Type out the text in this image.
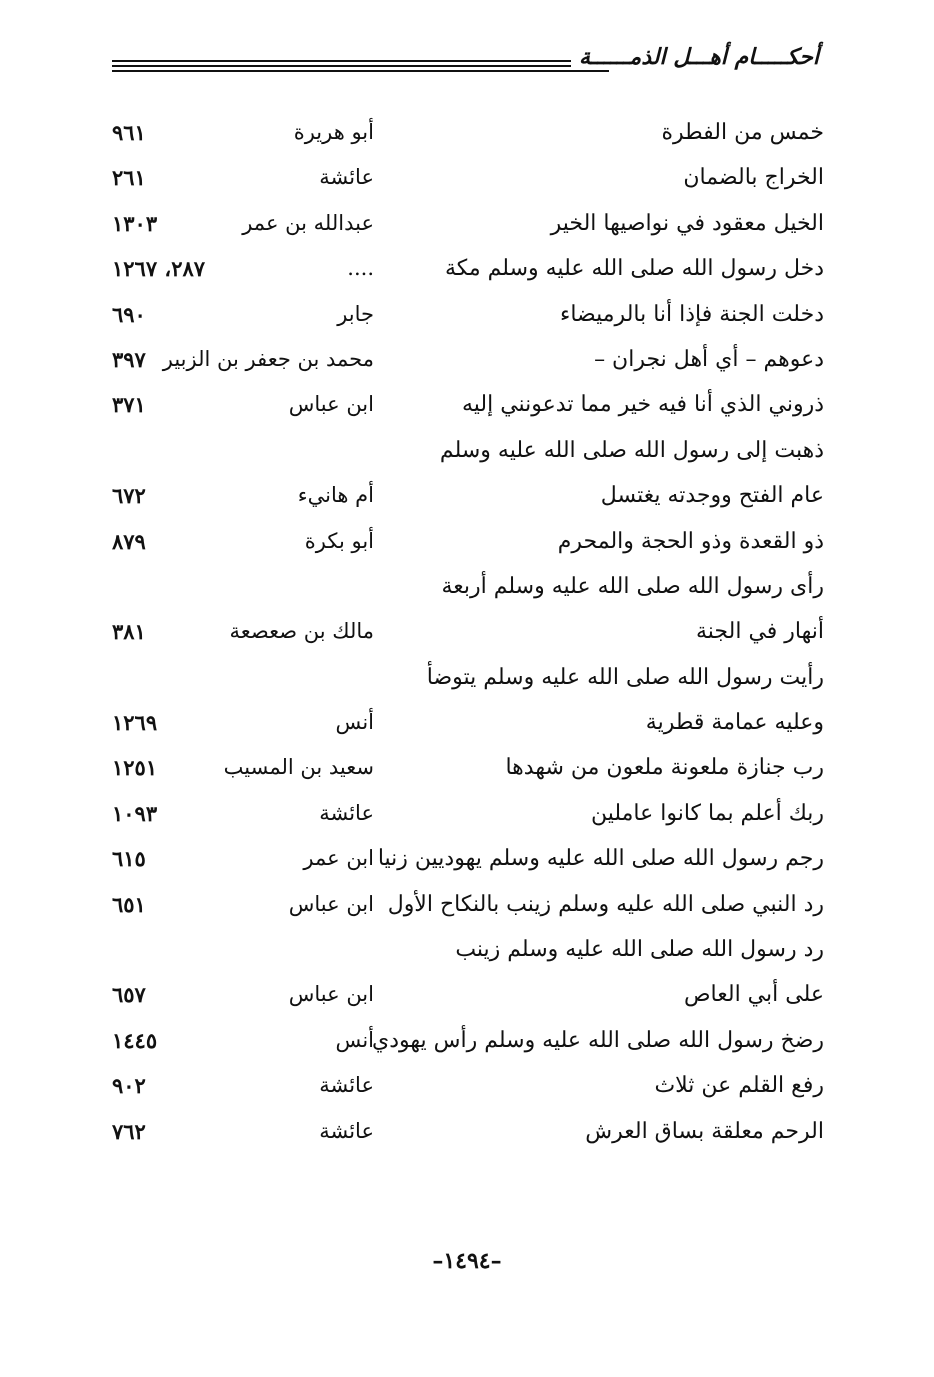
أحكـــــام أهـــل الذمــــــة
خمس من الفطرة
أبو هريرة
٩٦١
الخراج بالضمان
عائشة
٢٦١
الخيل معقود في نواصيها الخير
عبدالله بن عمر
١٣٠٣
دخل رسول الله صلى الله عليه وسلم مكة
....
٢٨٧، ١٢٦٧
دخلت الجنة فإذا أنا بالرميضاء
جابر
٦٩٠
دعوهم – أي أهل نجران –
محمد بن جعفر بن الزبير
٣٩٧
ذروني الذي أنا فيه خير مما تدعونني إليه
ابن عباس
٣٧١
ذهبت إلى رسول الله صلى الله عليه وسلم
عام الفتح ووجدته يغتسل
أم هانيء
٦٧٢
ذو القعدة وذو الحجة والمحرم
أبو بكرة
٨٧٩
رأى رسول الله صلى الله عليه وسلم أربعة
أنهار في الجنة
مالك بن صعصعة
٣٨١
رأيت رسول الله صلى الله عليه وسلم يتوضأ
وعليه عمامة قطرية
أنس
١٢٦٩
رب جنازة ملعونة ملعون من شهدها
سعيد بن المسيب
١٢٥١
ربك أعلم بما كانوا عاملين
عائشة
١٠٩٣
رجم رسول الله صلى الله عليه وسلم يهوديين زنيا
ابن عمر
٦١٥
رد النبي صلى الله عليه وسلم زينب بالنكاح الأول
ابن عباس
٦٥١
رد رسول الله صلى الله عليه وسلم زينب
على أبي العاص
ابن عباس
٦٥٧
رضخ رسول الله صلى الله عليه وسلم رأس يهودي
أنس
١٤٤٥
رفع القلم عن ثلاث
عائشة
٩٠٢
الرحم معلقة بساق العرش
عائشة
٧٦٢
–١٤٩٤–
